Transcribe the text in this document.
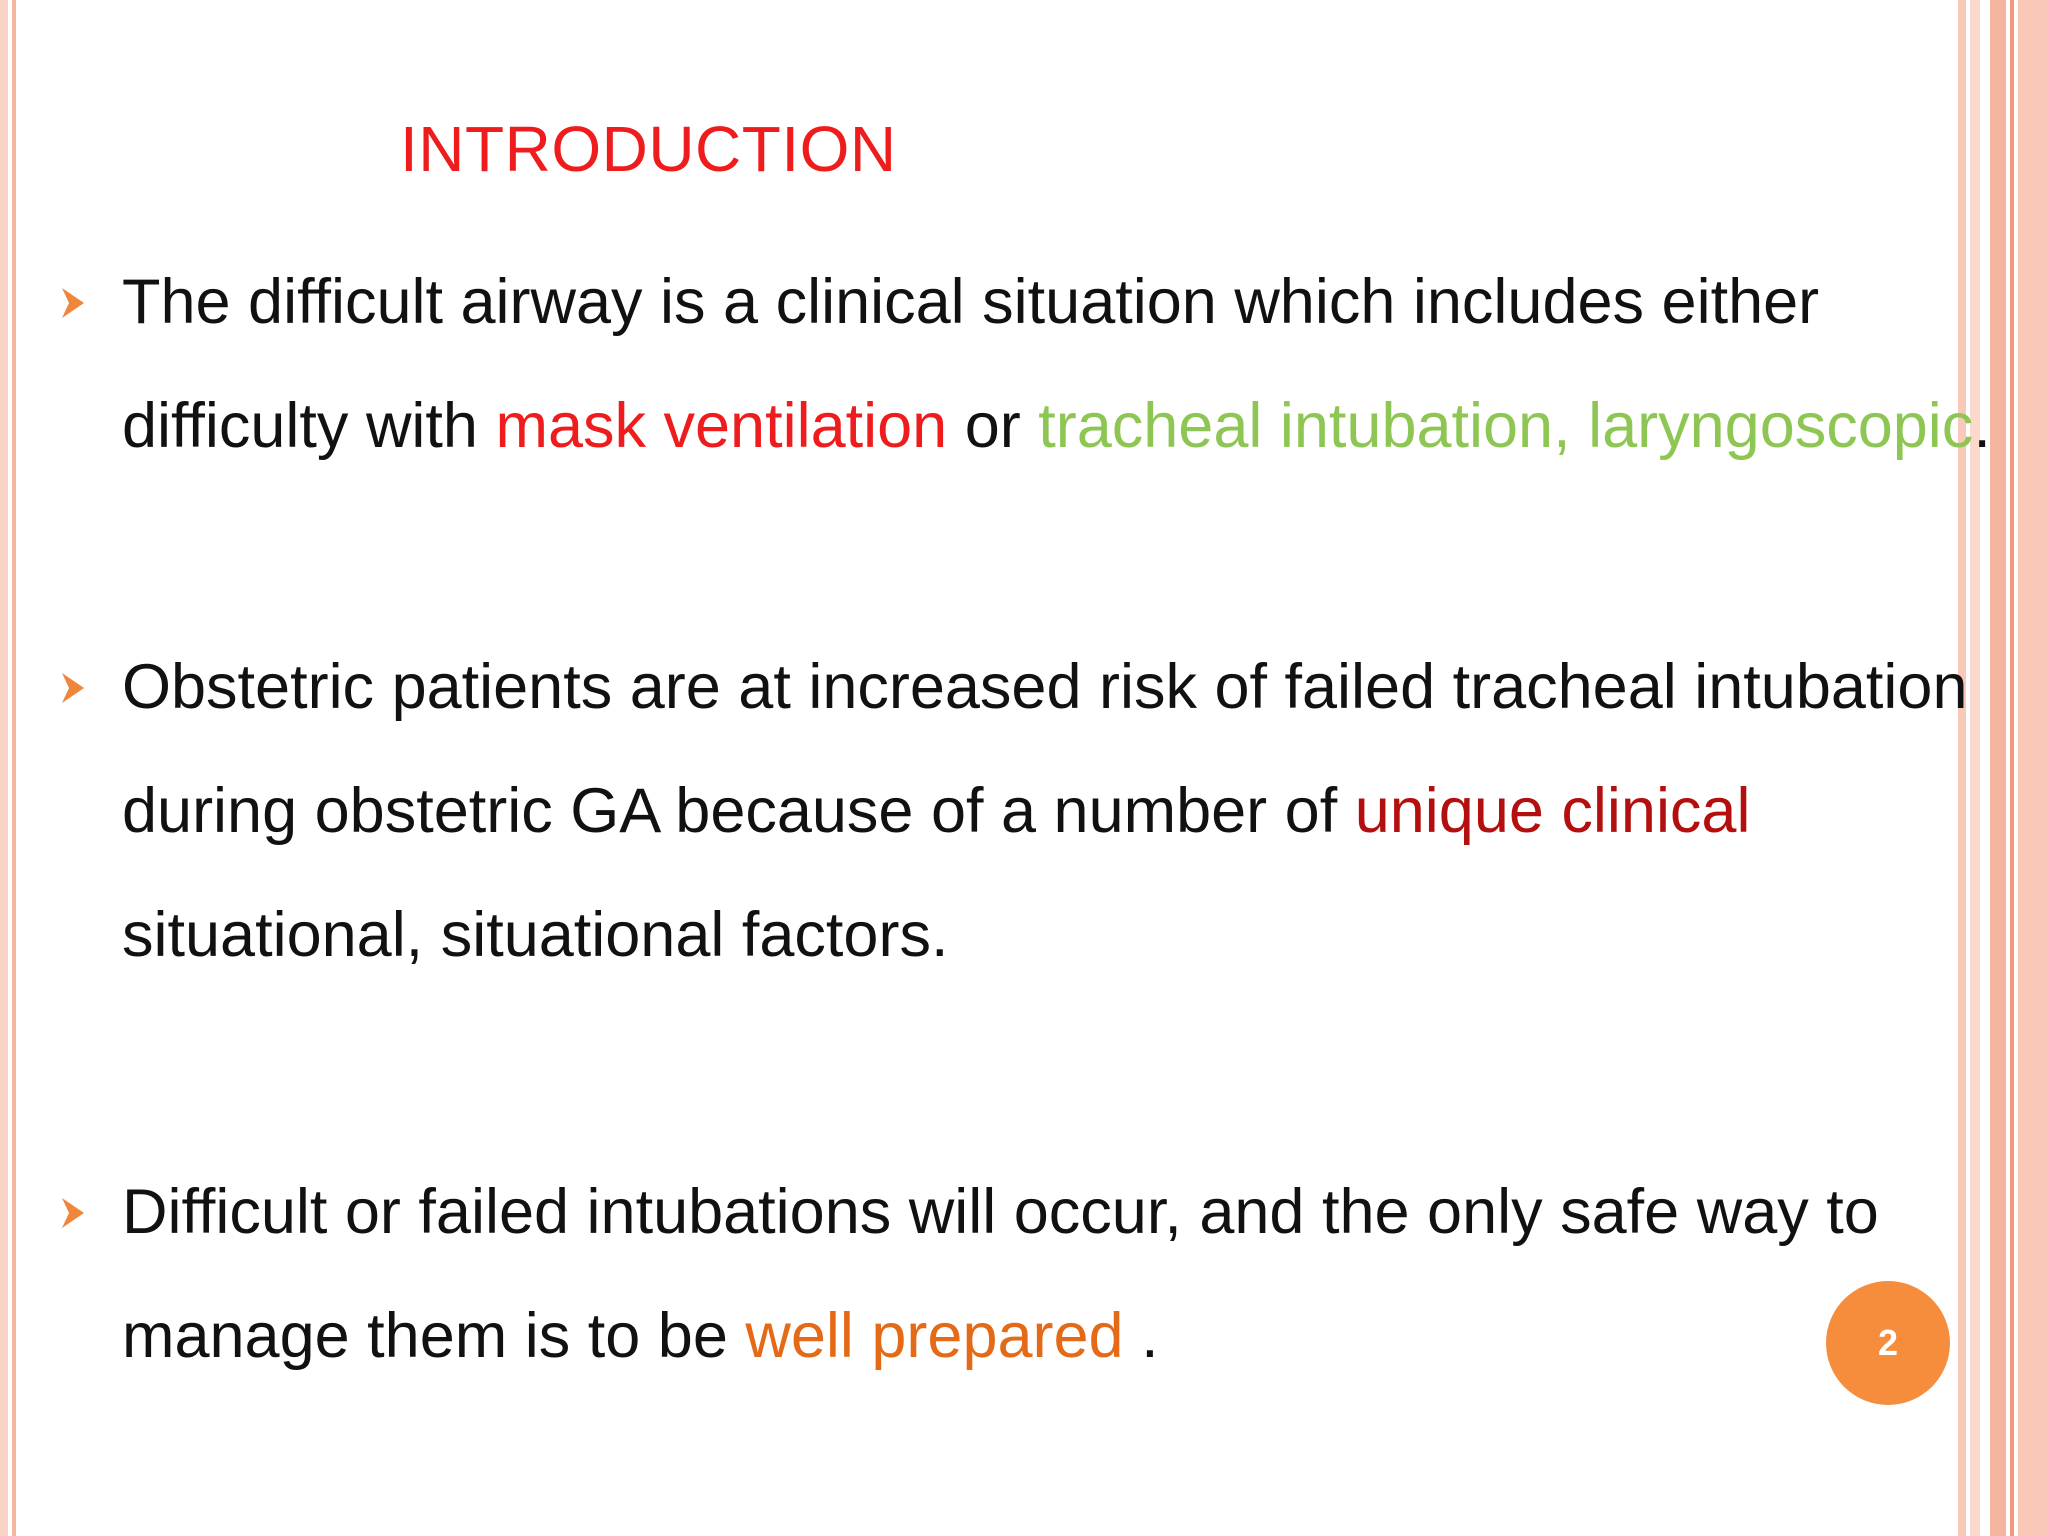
INTRODUCTION
The difficult airway is a clinical situation which includes either difficulty with mask ventilation or tracheal intubation, laryngoscopic.
Obstetric patients are at increased risk of failed tracheal intubation during obstetric GA because of a number of unique clinical situational, situational factors.
Difficult or failed intubations will occur, and the only safe way to manage them is to be well prepared .	2
